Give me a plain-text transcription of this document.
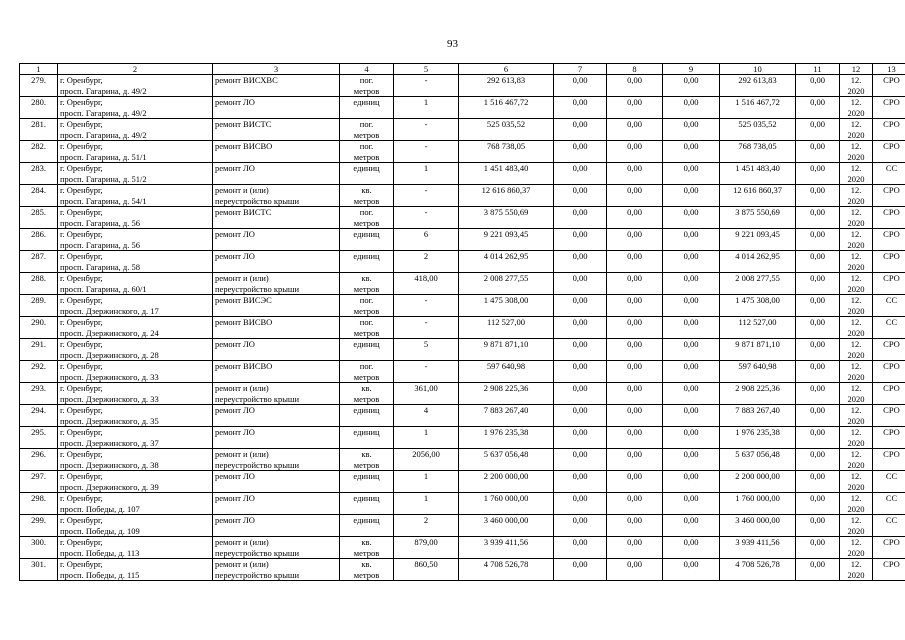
93
1	2	3	4	5	6	7	8	9	10	11	12	13
279.	г. Оренбург,
просп. Гагарина, д. 49/2	ремонт ВИСХВС	пог.
метров	-	292 613,83	0,00	0,00	0,00	292 613,83	0,00	12.
2020	СРО
280.	г. Оренбург,
просп. Гагарина, д. 49/2	ремонт ЛО	единиц	1	1 516 467,72	0,00	0,00	0,00	1 516 467,72	0,00	12.
2020	СРО
281.	г. Оренбург,
просп. Гагарина, д. 49/2	ремонт ВИСТС	пог.
метров	-	525 035,52	0,00	0,00	0,00	525 035,52	0,00	12.
2020	СРО
282.	г. Оренбург,
просп. Гагарина, д. 51/1	ремонт ВИСВО	пог.
метров	-	768 738,05	0,00	0,00	0,00	768 738,05	0,00	12.
2020	СРО
283.	г. Оренбург,
просп. Гагарина, д. 51/2	ремонт ЛО	единиц	1	1 451 483,40	0,00	0,00	0,00	1 451 483,40	0,00	12.
2020	СС
284.	г. Оренбург,
просп. Гагарина, д. 54/1	ремонт и (или)
переустройство крыши	кв.
метров	-	12 616 860,37	0,00	0,00	0,00	12 616 860,37	0,00	12.
2020	СРО
285.	г. Оренбург,
просп. Гагарина, д. 56	ремонт ВИСТС	пог.
метров	-	3 875 550,69	0,00	0,00	0,00	3 875 550,69	0,00	12.
2020	СРО
286.	г. Оренбург,
просп. Гагарина, д. 56	ремонт ЛО	единиц	6	9 221 093,45	0,00	0,00	0,00	9 221 093,45	0,00	12.
2020	СРО
287.	г. Оренбург,
просп. Гагарина, д. 58	ремонт ЛО	единиц	2	4 014 262,95	0,00	0,00	0,00	4 014 262,95	0,00	12.
2020	СРО
288.	г. Оренбург,
просп. Гагарина, д. 60/1	ремонт и (или)
переустройство крыши	кв.
метров	418,00	2 008 277,55	0,00	0,00	0,00	2 008 277,55	0,00	12.
2020	СРО
289.	г. Оренбург,
просп. Дзержинского, д. 17	ремонт ВИСЭС	пог.
метров	-	1 475 308,00	0,00	0,00	0,00	1 475 308,00	0,00	12.
2020	СС
290.	г. Оренбург,
просп. Дзержинского, д. 24	ремонт ВИСВО	пог.
метров	-	112 527,00	0,00	0,00	0,00	112 527,00	0,00	12.
2020	СС
291.	г. Оренбург,
просп. Дзержинского, д. 28	ремонт ЛО	единиц	5	9 871 871,10	0,00	0,00	0,00	9 871 871,10	0,00	12.
2020	СРО
292.	г. Оренбург,
просп. Дзержинского, д. 33	ремонт ВИСВО	пог.
метров	-	597 640,98	0,00	0,00	0,00	597 640,98	0,00	12.
2020	СРО
293.	г. Оренбург,
просп. Дзержинского, д. 33	ремонт и (или)
переустройство крыши	кв.
метров	361,00	2 908 225,36	0,00	0,00	0,00	2 908 225,36	0,00	12.
2020	СРО
294.	г. Оренбург,
просп. Дзержинского, д. 35	ремонт ЛО	единиц	4	7 883 267,40	0,00	0,00	0,00	7 883 267,40	0,00	12.
2020	СРО
295.	г. Оренбург,
просп. Дзержинского, д. 37	ремонт ЛО	единиц	1	1 976 235,38	0,00	0,00	0,00	1 976 235,38	0,00	12.
2020	СРО
296.	г. Оренбург,
просп. Дзержинского, д. 38	ремонт и (или)
переустройство крыши	кв.
метров	2056,00	5 637 056,48	0,00	0,00	0,00	5 637 056,48	0,00	12.
2020	СРО
297.	г. Оренбург,
просп. Дзержинского, д. 39	ремонт ЛО	единиц	1	2 200 000,00	0,00	0,00	0,00	2 200 000,00	0,00	12.
2020	СС
298.	г. Оренбург,
просп. Победы, д. 107	ремонт ЛО	единиц	1	1 760 000,00	0,00	0,00	0,00	1 760 000,00	0,00	12.
2020	СС
299.	г. Оренбург,
просп. Победы, д. 109	ремонт ЛО	единиц	2	3 460 000,00	0,00	0,00	0,00	3 460 000,00	0,00	12.
2020	СС
300.	г. Оренбург,
просп. Победы, д. 113	ремонт и (или)
переустройство крыши	кв.
метров	879,00	3 939 411,56	0,00	0,00	0,00	3 939 411,56	0,00	12.
2020	СРО
301.	г. Оренбург,
просп. Победы, д. 115	ремонт и (или)
переустройство крыши	кв.
метров	860,50	4 708 526,78	0,00	0,00	0,00	4 708 526,78	0,00	12.
2020	СРО
